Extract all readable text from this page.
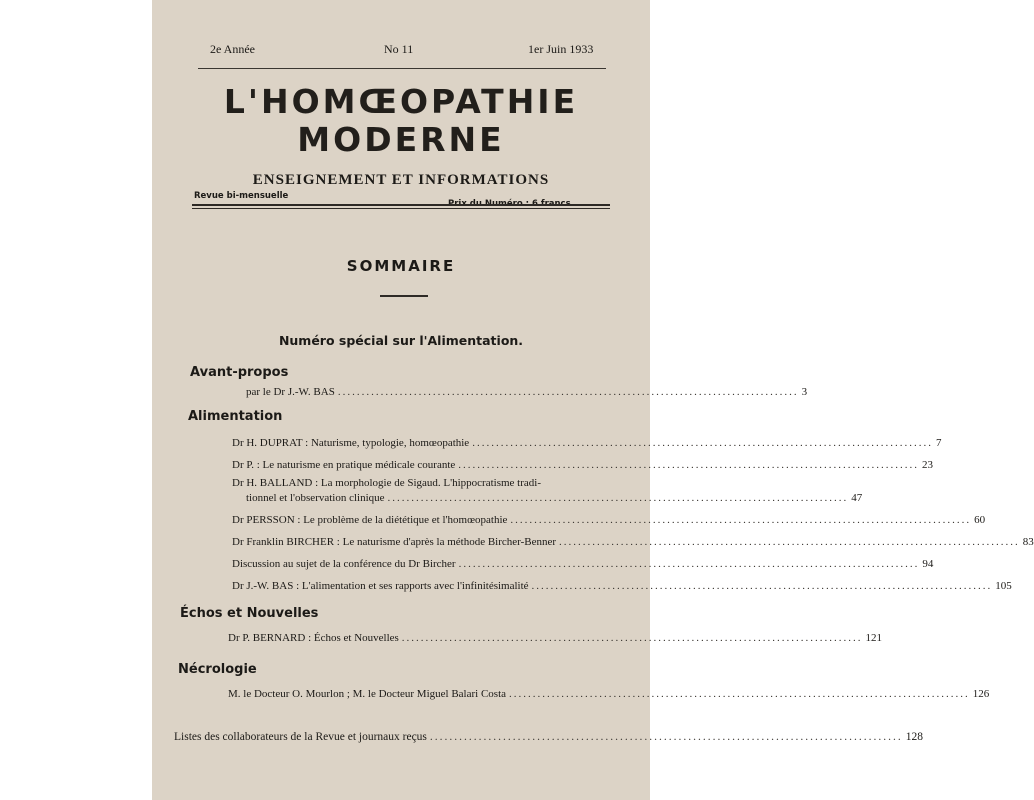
2e Année	No 11	1er Juin 1933
L'HOMŒOPATHIE
MODERNE
ENSEIGNEMENT ET INFORMATIONS
Revue bi-mensuelle
SOMMAIRE
Numéro spécial sur l'Alimentation.
Avant-propos
par le Dr J.-W. BAS ................................................................................................. 3
Alimentation
Dr H. DUPRAT : Naturisme, typologie, homœopathie ................................................................................................. 7
Dr P. : Le naturisme en pratique médicale courante ................................................................................................. 23
Dr H. BALLAND : La morphologie de Sigaud. L'hippocratisme tradi-
tionnel et l'observation clinique ................................................................................................. 47
Dr PERSSON : Le problème de la diététique et l'homœopathie ................................................................................................. 60
Dr Franklin BIRCHER : Le naturisme d'après la méthode Bircher-Benner ................................................................................................. 83
Discussion au sujet de la conférence du Dr Bircher ................................................................................................. 94
Dr J.-W. BAS : L'alimentation et ses rapports avec l'infinitésimalité ................................................................................................. 105
Échos et Nouvelles
Dr P. BERNARD : Échos et Nouvelles ................................................................................................. 121
Nécrologie
M. le Docteur O. Mourlon ; M. le Docteur Miguel Balari Costa ................................................................................................. 126
Listes des collaborateurs de la Revue et journaux reçus ................................................................................................. 128
